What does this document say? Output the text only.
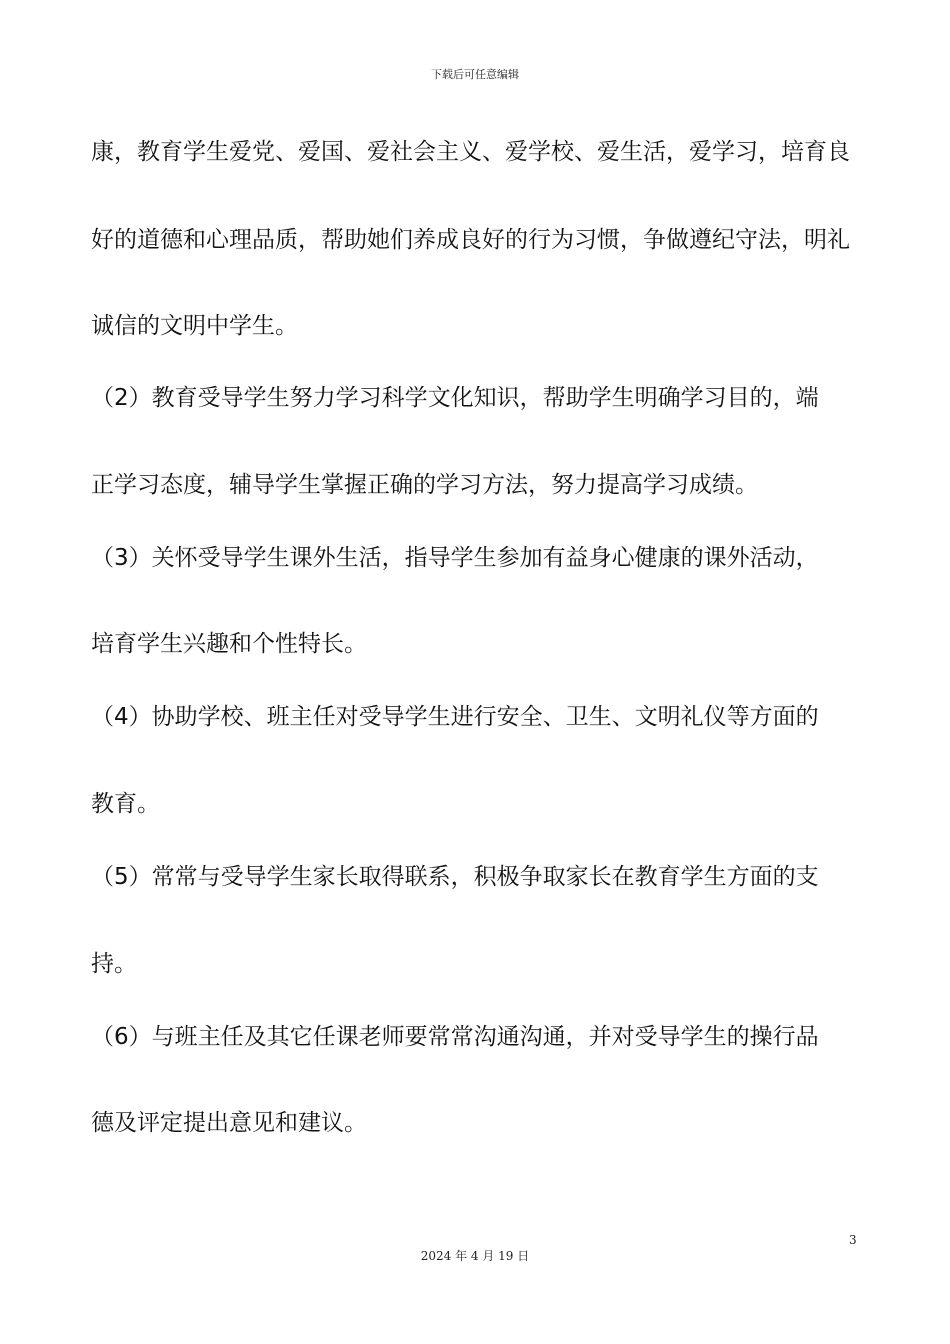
下载后可任意编辑
康，教育学生爱党、爱国、爱社会主义、爱学校、爱生活，爱学习，培育良
好的道德和心理品质，帮助她们养成良好的行为习惯，争做遵纪守法，明礼
诚信的文明中学生。
（2）教育受导学生努力学习科学文化知识，帮助学生明确学习目的，端
正学习态度，辅导学生掌握正确的学习方法，努力提高学习成绩。
（3）关怀受导学生课外生活，指导学生参加有益身心健康的课外活动，
培育学生兴趣和个性特长。
（4）协助学校、班主任对受导学生进行安全、卫生、文明礼仪等方面的
教育。
（5）常常与受导学生家长取得联系，积极争取家长在教育学生方面的支
持。
（6）与班主任及其它任课老师要常常沟通沟通，并对受导学生的操行品
德及评定提出意见和建议。
3
2024 年 4 月 19 日
